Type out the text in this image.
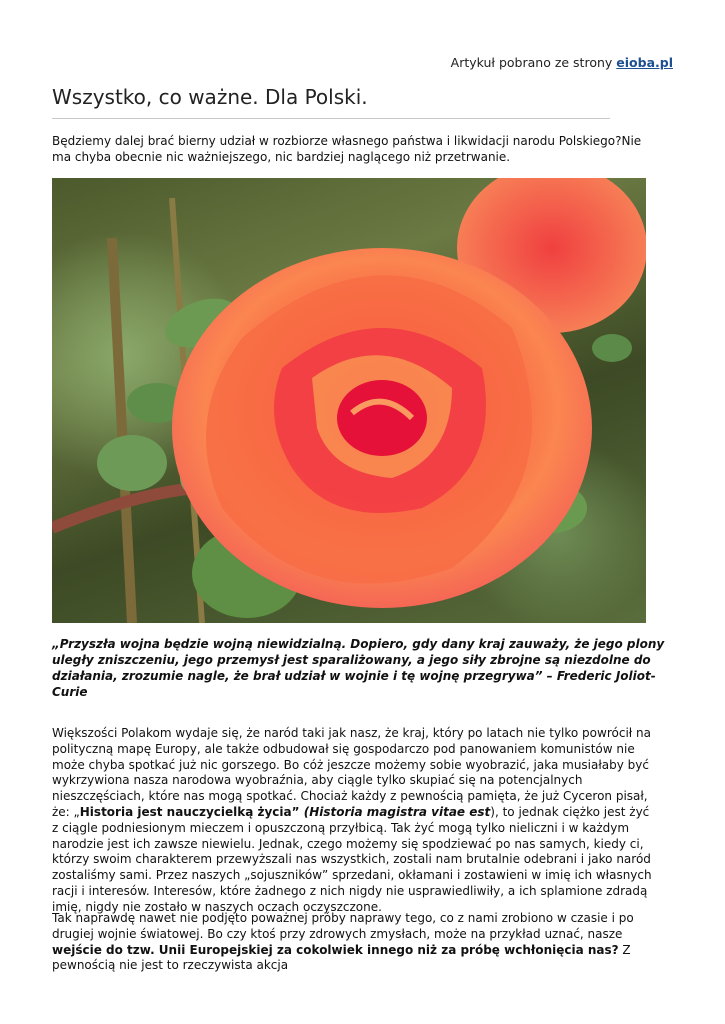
Artykuł pobrano ze strony eioba.pl
Wszystko, co ważne. Dla Polski.

Będziemy dalej brać bierny udział w rozbiorze własnego państwa i likwidacji narodu Polskiego?Nie ma chyba obecnie nic ważniejszego, nic bardziej naglącego niż przetrwanie.

„Przyszła wojna będzie wojną niewidzialną. Dopiero, gdy dany kraj zauważy, że jego plony uległy zniszczeniu, jego przemysł jest sparaliżowany, a jego siły zbrojne są niezdolne do działania, zrozumie nagle, że brał udział w wojnie i tę wojnę przegrywa” – Frederic Joliot-Curie

Większości Polakom wydaje się, że naród taki jak nasz, że kraj, który po latach nie tylko powrócił na polityczną mapę Europy, ale także odbudował się gospodarczo pod panowaniem komunistów nie może chyba spotkać już nic gorszego. Bo cóż jeszcze możemy sobie wyobrazić, jaka musiałaby być wykrzywiona nasza narodowa wyobraźnia, aby ciągle tylko skupiać się na potencjalnych nieszczęściach, które nas mogą spotkać. Chociaż każdy z pewnością pamięta, że już Cyceron pisał, że: „Historia jest nauczycielką życia” (Historia magistra vitae est), to jednak ciężko jest żyć z ciągle podniesionym mieczem i opuszczoną przyłbicą. Tak żyć mogą tylko nieliczni i w każdym narodzie jest ich zawsze niewielu. Jednak, czego możemy się spodziewać po nas samych, kiedy ci, którzy swoim charakterem przewyższali nas wszystkich, zostali nam brutalnie odebrani i jako naród zostaliśmy sami. Przez naszych „sojuszników” sprzedani, okłamani i zostawieni w imię ich własnych racji i interesów. Interesów, które żadnego z nich nigdy nie usprawiedliwiły, a ich splamione zdradą imię, nigdy nie zostało w naszych oczach oczyszczone.

Tak naprawdę nawet nie podjęto poważnej próby naprawy tego, co z nami zrobiono w czasie i po drugiej wojnie światowej. Bo czy ktoś przy zdrowych zmysłach, może na przykład uznać, nasze wejście do tzw. Unii Europejskiej za cokolwiek innego niż za próbę wchłonięcia nas? Z pewnością nie jest to rzeczywista akcja
